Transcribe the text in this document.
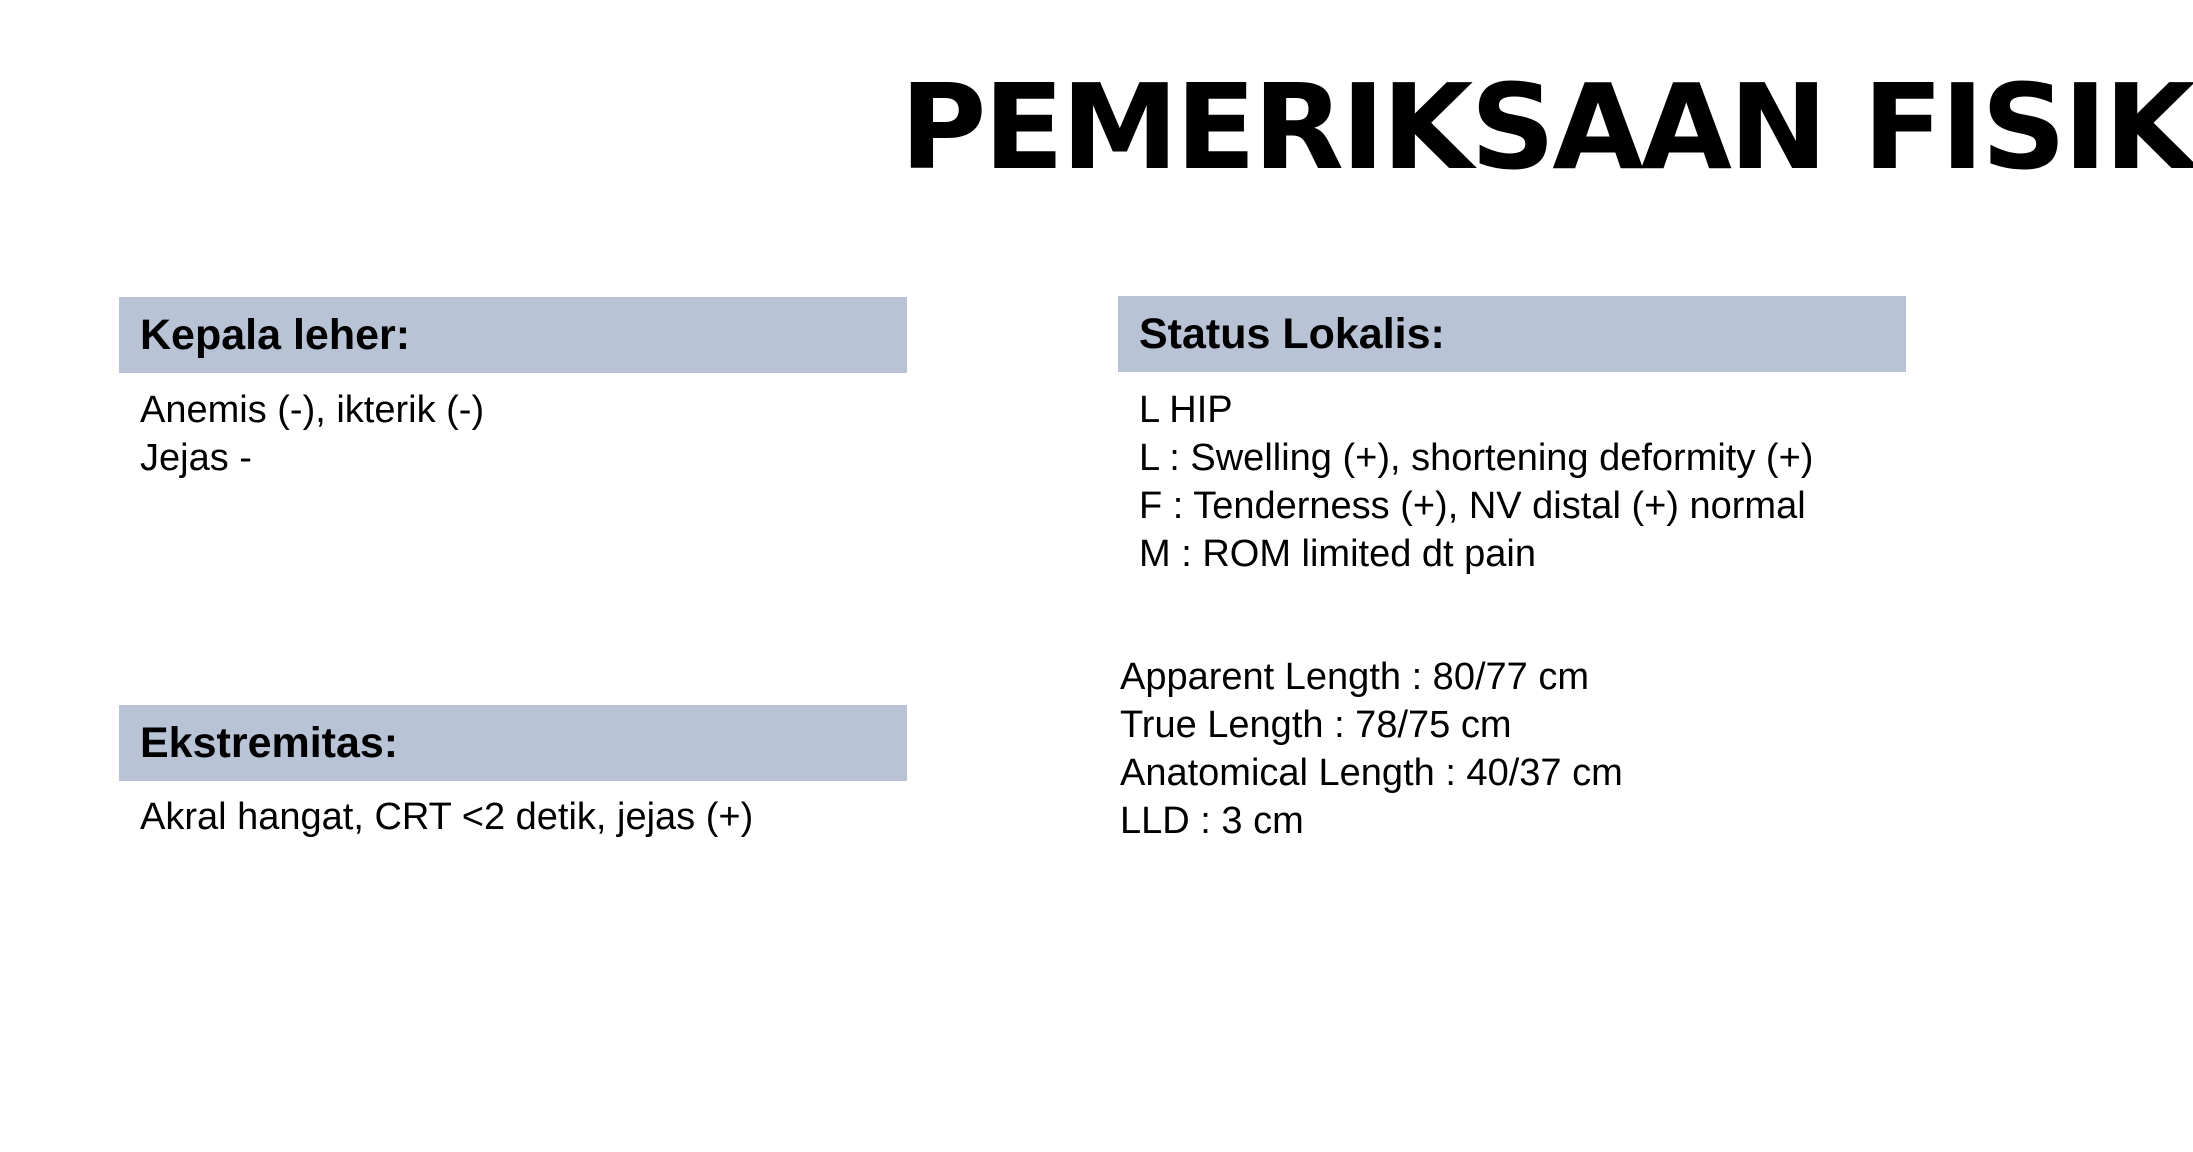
PEMERIKSAAN FISIK
Kepala leher:
Anemis (-), ikterik (-)
Jejas -
Ekstremitas:
Akral hangat, CRT <2 detik, jejas (+)
Status Lokalis:
L HIP
L : Swelling (+), shortening deformity (+)
F : Tenderness (+), NV distal (+) normal
M : ROM limited dt pain
Apparent Length : 80/77 cm
True Length : 78/75 cm
Anatomical Length : 40/37 cm
LLD : 3 cm
